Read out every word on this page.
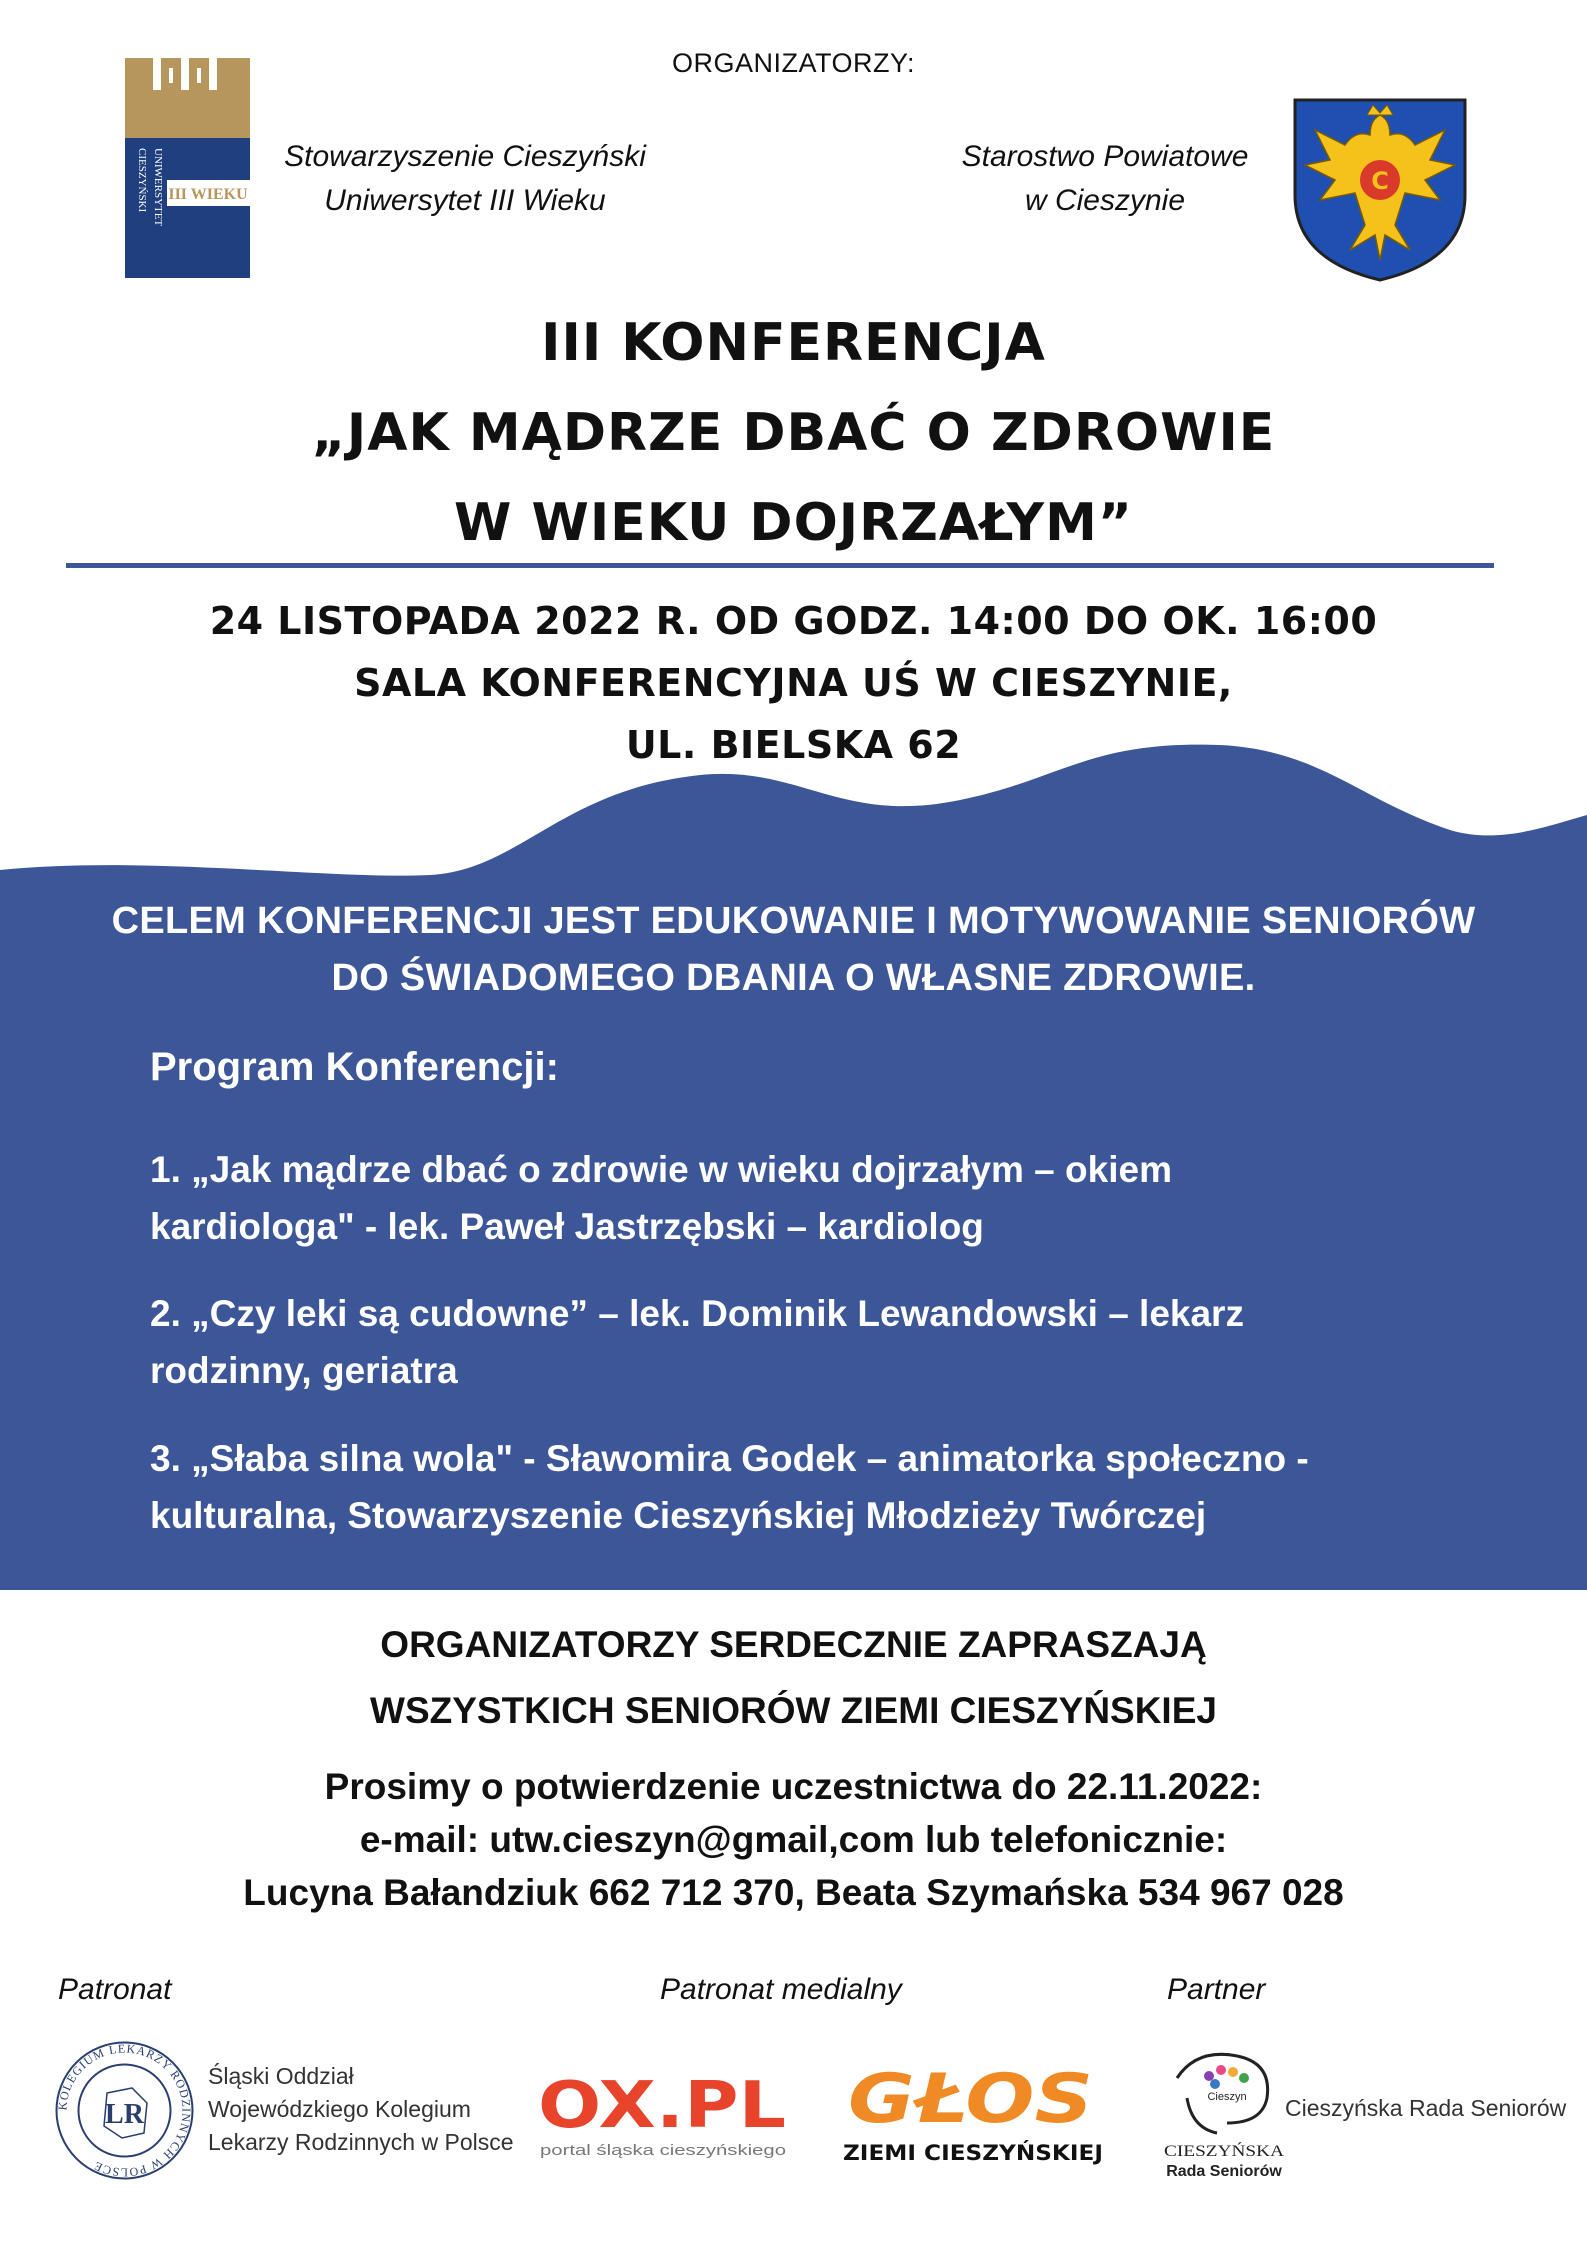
ORGANIZATORZY:
III WIEKU
CIESZYŃSKI UNIWERSYTET	Stowarzyszenie Cieszyński
Uniwersytet III Wieku
Starostwo Powiatowe
w Cieszynie
C
III KONFERENCJA
„JAK MĄDRZE DBAĆ O ZDROWIE
W WIEKU DOJRZAŁYM”
24 LISTOPADA 2022 R. OD GODZ. 14:00 DO OK. 16:00
SALA KONFERENCYJNA UŚ W CIESZYNIE,
UL. BIELSKA 62
CELEM KONFERENCJI JEST EDUKOWANIE I MOTYWOWANIE SENIORÓW
DO ŚWIADOMEGO DBANIA O WŁASNE ZDROWIE.
Program Konferencji:
1. „Jak mądrze dbać o zdrowie w wieku dojrzałym – okiem
kardiologa" - lek. Paweł Jastrzębski – kardiolog
2. „Czy leki są cudowne” – lek. Dominik Lewandowski – lekarz
rodzinny, geriatra
3. „Słaba silna wola" - Sławomira Godek – animatorka społeczno -
kulturalna, Stowarzyszenie Cieszyńskiej Młodzieży Twórczej
ORGANIZATORZY SERDECZNIE ZAPRASZAJĄ
WSZYSTKICH SENIORÓW ZIEMI CIESZYŃSKIEJ
Prosimy o potwierdzenie uczestnictwa do 22.11.2022:
e-mail: utw.cieszyn@gmail,com lub telefonicznie:
Lucyna Bałandziuk 662 712 370, Beata Szymańska 534 967 028
Patronat	Patronat medialny	Partner
KOLEGIUM LEKARZY RODZINNYCH W POLSCE
LR
Śląski Oddział
Wojewódzkiego Kolegium
Lekarzy Rodzinnych w Polsce OX.PL
portal śląska cieszyńskiego
GŁOS
ZIEMI CIESZYŃSKIEJ
Cieszyn
CIESZYŃSKA
Rada Seniorów
Cieszyńska Rada Seniorów
